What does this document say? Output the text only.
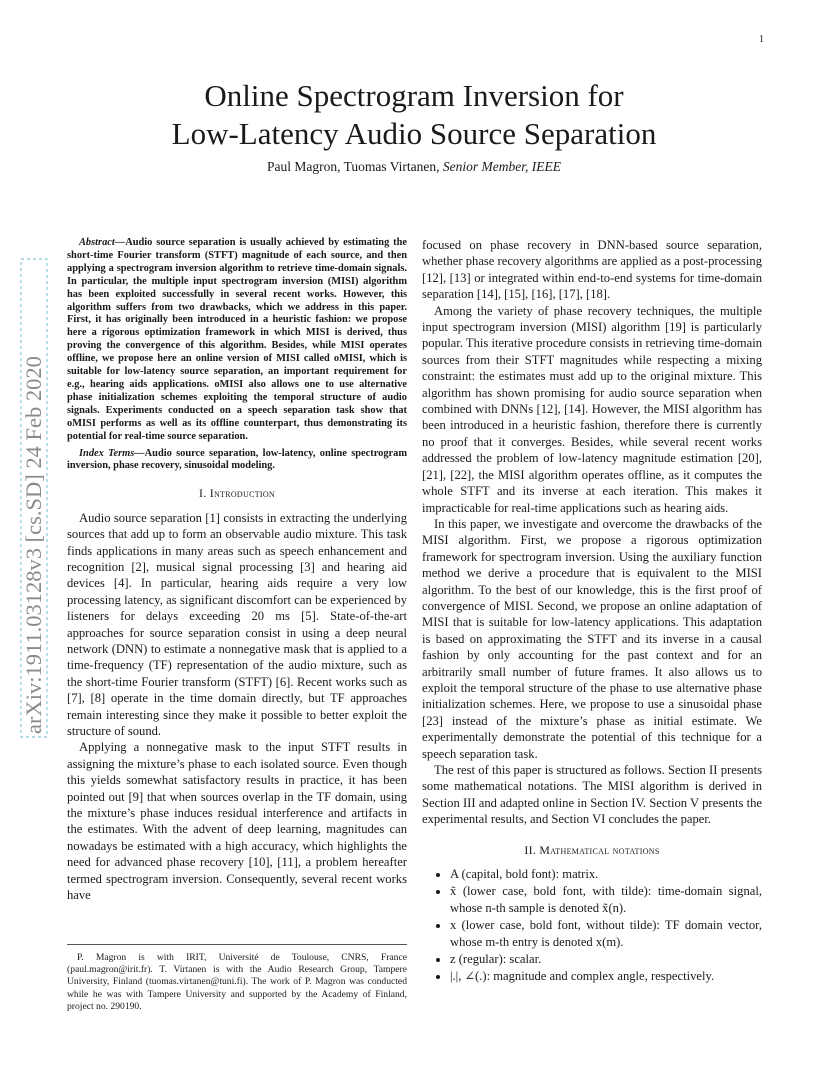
1
arXiv:1911.03128v3 [cs.SD] 24 Feb 2020
Online Spectrogram Inversion for
Low-Latency Audio Source Separation
Paul Magron, Tuomas Virtanen, Senior Member, IEEE

Abstract—Audio source separation is usually achieved by estimating the short-time Fourier transform (STFT) magnitude of each source, and then applying a spectrogram inversion algorithm to retrieve time-domain signals. In particular, the multiple input spectrogram inversion (MISI) algorithm has been exploited successfully in several recent works. However, this algorithm suffers from two drawbacks, which we address in this paper. First, it has originally been introduced in a heuristic fashion: we propose here a rigorous optimization framework in which MISI is derived, thus proving the convergence of this algorithm. Besides, while MISI operates offline, we propose here an online version of MISI called oMISI, which is suitable for low-latency source separation, an important requirement for e.g., hearing aids applications. oMISI also allows one to use alternative phase initialization schemes exploiting the temporal structure of audio signals. Experiments conducted on a speech separation task show that oMISI performs as well as its offline counterpart, thus demonstrating its potential for real-time source separation.

Index Terms—Audio source separation, low-latency, online spectrogram inversion, phase recovery, sinusoidal modeling.

I. Introduction

Audio source separation [1] consists in extracting the underlying sources that add up to form an observable audio mixture. This task finds applications in many areas such as speech enhancement and recognition [2], musical signal processing [3] and hearing aid devices [4]. In particular, hearing aids require a very low processing latency, as significant discomfort can be experienced by listeners for delays exceeding 20 ms [5]. State-of-the-art approaches for source separation consist in using a deep neural network (DNN) to estimate a nonnegative mask that is applied to a time-frequency (TF) representation of the audio mixture, such as the short-time Fourier transform (STFT) [6]. Recent works such as [7], [8] operate in the time domain directly, but TF approaches remain interesting since they make it possible to better exploit the structure of sound.

Applying a nonnegative mask to the input STFT results in assigning the mixture’s phase to each isolated source. Even though this yields somewhat satisfactory results in practice, it has been pointed out [9] that when sources overlap in the TF domain, using the mixture’s phase induces residual interference and artifacts in the estimates. With the advent of deep learning, magnitudes can nowadays be estimated with a high accuracy, which highlights the need for advanced phase recovery [10], [11], a problem hereafter termed spectrogram inversion. Consequently, several recent works have

focused on phase recovery in DNN-based source separation, whether phase recovery algorithms are applied as a post-processing [12], [13] or integrated within end-to-end systems for time-domain separation [14], [15], [16], [17], [18].

Among the variety of phase recovery techniques, the multiple input spectrogram inversion (MISI) algorithm [19] is particularly popular. This iterative procedure consists in retrieving time-domain sources from their STFT magnitudes while respecting a mixing constraint: the estimates must add up to the original mixture. This algorithm has shown promising for audio source separation when combined with DNNs [12], [14]. However, the MISI algorithm has been introduced in a heuristic fashion, therefore there is currently no proof that it converges. Besides, while several recent works addressed the problem of low-latency magnitude estimation [20], [21], [22], the MISI algorithm operates offline, as it computes the whole STFT and its inverse at each iteration. This makes it impracticable for real-time applications such as hearing aids.

In this paper, we investigate and overcome the drawbacks of the MISI algorithm. First, we propose a rigorous optimization framework for spectrogram inversion. Using the auxiliary function method we derive a procedure that is equivalent to the MISI algorithm. To the best of our knowledge, this is the first proof of convergence of MISI. Second, we propose an online adaptation of MISI that is suitable for low-latency applications. This adaptation is based on approximating the STFT and its inverse in a causal fashion by only accounting for the past context and for an arbitrarily small number of future frames. It also allows us to exploit the temporal structure of the phase to use alternative phase initialization schemes. Here, we propose to use a sinusoidal phase [23] instead of the mixture’s phase as initial estimate. We experimentally demonstrate the potential of this technique for a speech separation task.

The rest of this paper is structured as follows. Section II presents some mathematical notations. The MISI algorithm is derived in Section III and adapted online in Section IV. Section V presents the experimental results, and Section VI concludes the paper.

II. Mathematical notations

• A (capital, bold font): matrix.
• x̃ (lower case, bold font, with tilde): time-domain signal, whose n-th sample is denoted x̃(n).
• x (lower case, bold font, without tilde): TF domain vector, whose m-th entry is denoted x(m).
• z (regular): scalar.
• |.|, ∠(.): magnitude and complex angle, respectively.

P. Magron is with IRIT, Université de Toulouse, CNRS, France (paul.magron@irit.fr). T. Virtanen is with the Audio Research Group, Tampere University, Finland (tuomas.virtanen@tuni.fi). The work of P. Magron was conducted while he was with Tampere University and supported by the Academy of Finland, project no. 290190.
